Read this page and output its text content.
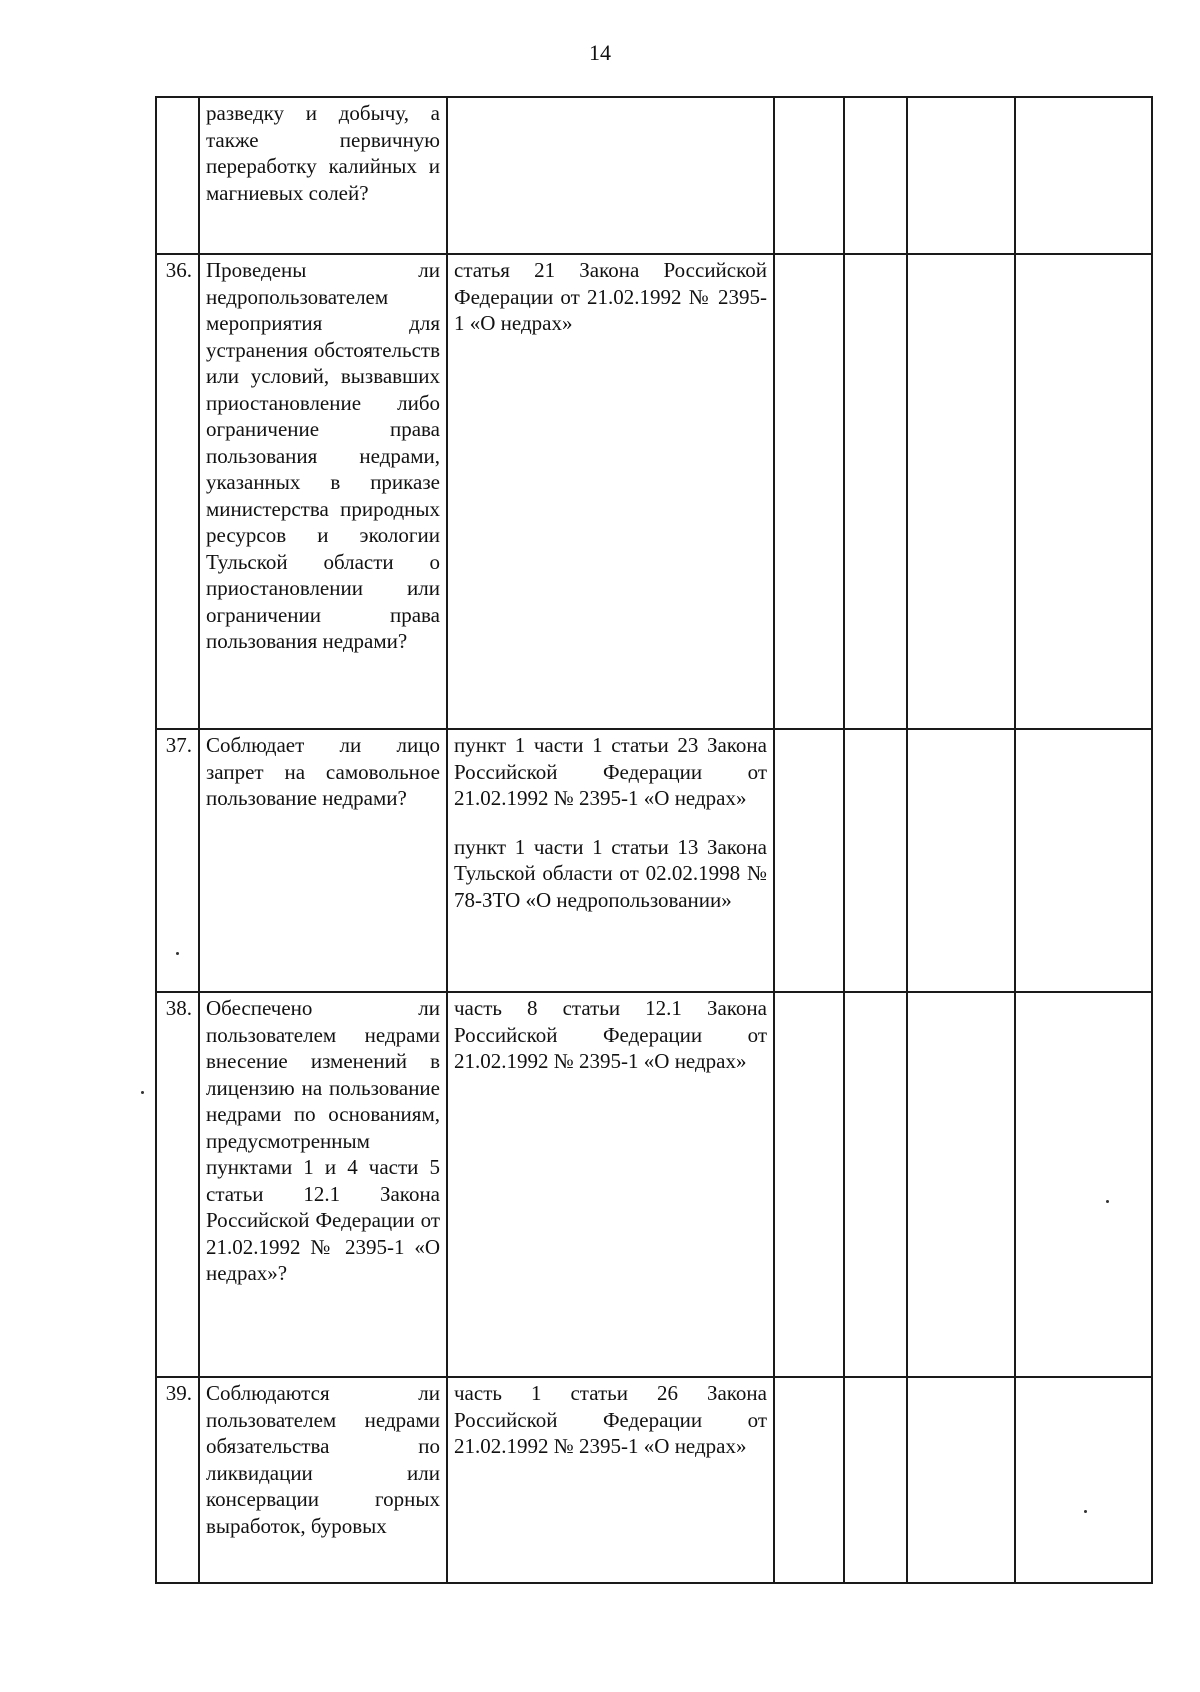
14
	разведку и добычу, а также первичную переработку калийных и магниевых солей?	

36.	Проведены ли недропользователем мероприятия для устранения обстоятельств или условий, вызвавших приостановление либо ограничение права пользования недрами, указанных в приказе министерства природных ресурсов и экологии Тульской области о приостановлении или ограничении права пользования недрами?	статья 21 Закона Российской Федерации от 21.02.1992 № 2395-1 «О недрах»				

37.	Соблюдает ли лицо запрет на самовольное пользование недрами?	пункт 1 части 1 статьи 23 Закона Российской Федерации от 21.02.1992 № 2395-1 «О недрах»
пункт 1 части 1 статьи 13 Закона Тульской области от 02.02.1998 № 78-ЗТО «О недропользовании»				

38.	Обеспечено ли пользователем недрами внесение изменений в лицензию на пользование недрами по основаниям, предусмотренным пунктами 1 и 4 части 5 статьи 12.1 Закона Российской Федерации от 21.02.1992 № 2395-1 «О недрах»?	часть 8 статьи 12.1 Закона Российской Федерации от 21.02.1992 № 2395-1 «О недрах»				

39.	Соблюдаются ли пользователем недрами обязательства по ликвидации или консервации горных выработок, буровых	часть 1 статьи 26 Закона Российской Федерации от 21.02.1992 № 2395-1 «О недрах»				
